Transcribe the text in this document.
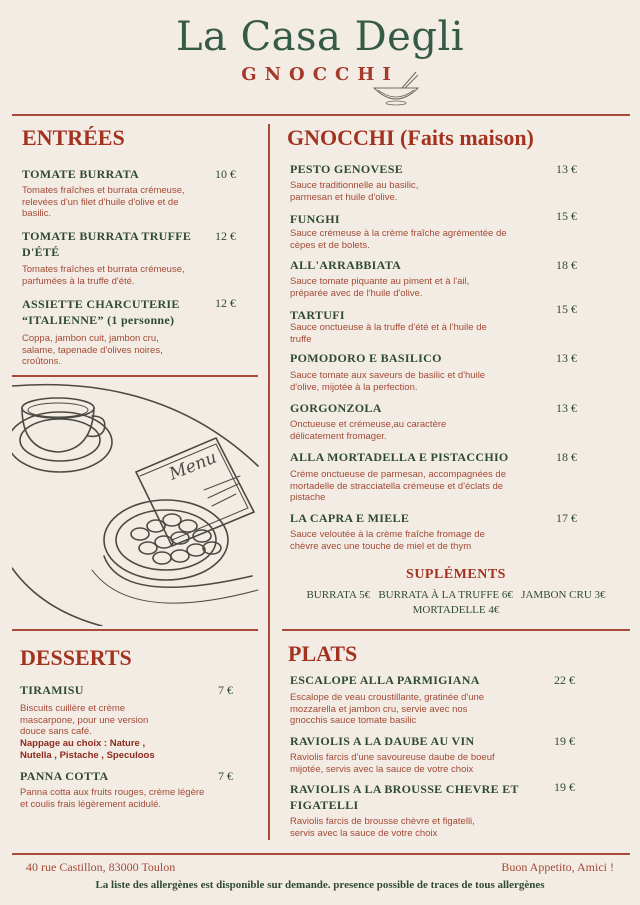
La Casa Degli
GNOCCHI
ENTRÉES
TOMATE BURRATA	10 €
Tomates fraîches et burrata crémeuse, relevées d'un filet d'huile d'olive et de basilic.
TOMATE BURRATA TRUFFE D'ÉTÉ
12 €
Tomates fraîches et burrata crémeuse, parfumées à la truffe d'été.
ASSIETTE CHARCUTERIE “ITALIENNE” (1 personne)
12 €
Coppa, jambon cuit, jambon cru, salame, tapenade d'olives noires, croûtons.
Menu
GNOCCHI (Faits maison)
PESTO GENOVESE	13 €
Sauce traditionnelle au basilic, parmesan et huile d'olive.
FUNGHI	15 €
Sauce crémeuse à la crème fraîche agrémentée de cèpes et de bolets.
ALL'ARRABBIATA	18 €
Sauce tomate piquante au piment et à l'ail, préparée avec de l'huile d'olive.
TARTUFI	15 €
Sauce onctueuse à la truffe d'été et à l'huile de truffe
POMODORO E BASILICO	13 €
Sauce tomate aux saveurs de basilic et d'huile d'olive, mijotée à la perfection.
GORGONZOLA	13 €
Onctueuse et crémeuse,au caractère délicatement fromager.
ALLA MORTADELLA E PISTACCHIO	18 €
Crème onctueuse de parmesan, accompagnées de mortadelle de stracciatella crémeuse et d'éclats de pistache
LA CAPRA E MIELE	17 €
Sauce veloutée à la crème fraîche fromage de chèvre avec une touche de miel et de thym
SUPLÉMENTS
BURRATA 5€   BURRATA À LA TRUFFE 6€   JAMBON CRU 3€
MORTADELLE 4€
DESSERTS
TIRAMISU	7 €
Biscuits cuillère et crème mascarpone, pour une version douce sans café.
Nappage au choix : Nature , Nutella , Pistache , Speculoos
PANNA COTTA	7 €
Panna cotta aux fruits rouges, crème légère et coulis frais légèrement acidulé.
PLATS
ESCALOPE ALLA PARMIGIANA	22 €
Escalope de veau croustillante, gratinée d'une mozzarella et jambon cru, servie avec nos gnocchis sauce tomate basilic
RAVIOLIS A LA DAUBE AU VIN	19 €
Raviolis farcis d'une savoureuse daube de boeuf mijotée, servis avec la sauce de votre choix
RAVIOLIS A LA BROUSSE CHEVRE ET FIGATELLI
19 €
Raviolis farcis de brousse chèvre et figatelli, servis avec la sauce de votre choix
40 rue Castillon, 83000 Toulon	Buon Appetito, Amici !
La liste des allergènes est disponible sur demande. presence possible de traces de tous allergènes
